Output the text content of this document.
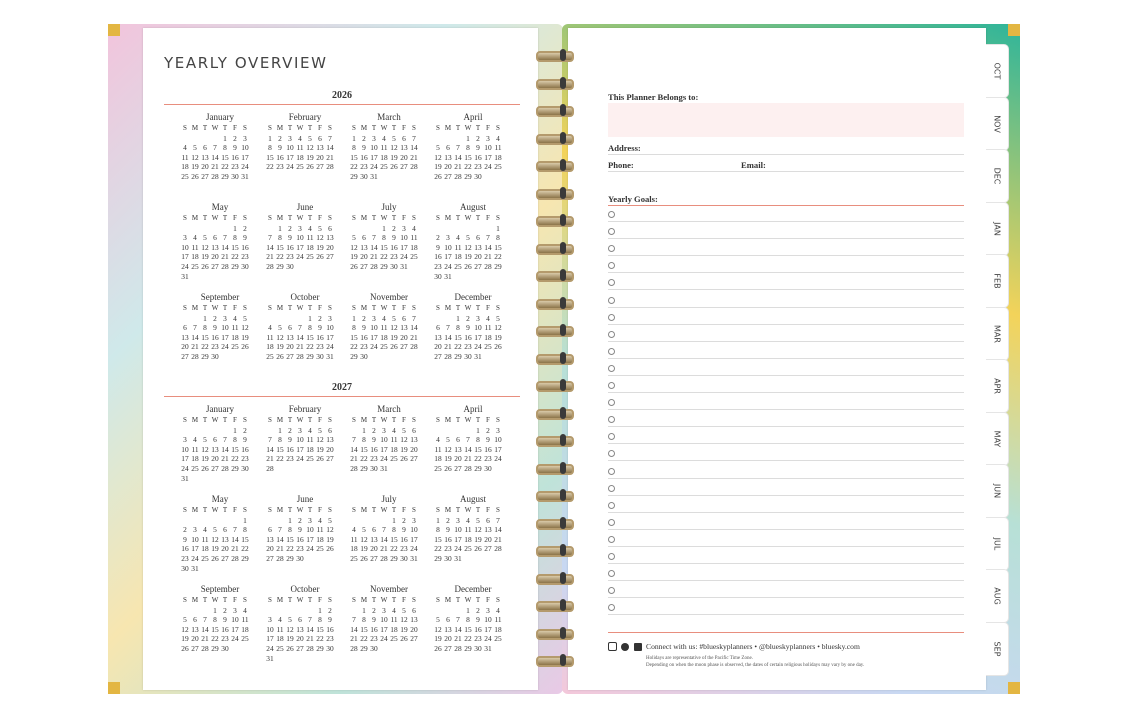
YEARLY OVERVIEW
2026
January
S M T W T F S
1 2 3
4 5 6 7 8 9 10
11 12 13 14 15 16 17
18 19 20 21 22 23 24
25 26 27 28 29 30 31
February
S M T W T F S
1 2 3 4 5 6 7
8 9 10 11 12 13 14
15 16 17 18 19 20 21
22 23 24 25 26 27 28
March
S M T W T F S
1 2 3 4 5 6 7
8 9 10 11 12 13 14
15 16 17 18 19 20 21
22 23 24 25 26 27 28
29 30 31
April
S M T W T F S
1 2 3 4
5 6 7 8 9 10 11
12 13 14 15 16 17 18
19 20 21 22 23 24 25
26 27 28 29 30
May
S M T W T F S
1 2
3 4 5 6 7 8 9
10 11 12 13 14 15 16
17 18 19 20 21 22 23
24 25 26 27 28 29 30
31
June
S M T W T F S
1 2 3 4 5 6
7 8 9 10 11 12 13
14 15 16 17 18 19 20
21 22 23 24 25 26 27
28 29 30
July
S M T W T F S
1 2 3 4
5 6 7 8 9 10 11
12 13 14 15 16 17 18
19 20 21 22 23 24 25
26 27 28 29 30 31
August
S M T W T F S
1
2 3 4 5 6 7 8
9 10 11 12 13 14 15
16 17 18 19 20 21 22
23 24 25 26 27 28 29
30 31
September
S M T W T F S
1 2 3 4 5
6 7 8 9 10 11 12
13 14 15 16 17 18 19
20 21 22 23 24 25 26
27 28 29 30
October
S M T W T F S
1 2 3
4 5 6 7 8 9 10
11 12 13 14 15 16 17
18 19 20 21 22 23 24
25 26 27 28 29 30 31
November
S M T W T F S
1 2 3 4 5 6 7
8 9 10 11 12 13 14
15 16 17 18 19 20 21
22 23 24 25 26 27 28
29 30
December
S M T W T F S
1 2 3 4 5
6 7 8 9 10 11 12
13 14 15 16 17 18 19
20 21 22 23 24 25 26
27 28 29 30 31
2027
January
S M T W T F S
1 2
3 4 5 6 7 8 9
10 11 12 13 14 15 16
17 18 19 20 21 22 23
24 25 26 27 28 29 30
31
February
S M T W T F S
1 2 3 4 5 6
7 8 9 10 11 12 13
14 15 16 17 18 19 20
21 22 23 24 25 26 27
28
March
S M T W T F S
1 2 3 4 5 6
7 8 9 10 11 12 13
14 15 16 17 18 19 20
21 22 23 24 25 26 27
28 29 30 31
April
S M T W T F S
1 2 3
4 5 6 7 8 9 10
11 12 13 14 15 16 17
18 19 20 21 22 23 24
25 26 27 28 29 30
May
S M T W T F S
1
2 3 4 5 6 7 8
9 10 11 12 13 14 15
16 17 18 19 20 21 22
23 24 25 26 27 28 29
30 31
June
S M T W T F S
1 2 3 4 5
6 7 8 9 10 11 12
13 14 15 16 17 18 19
20 21 22 23 24 25 26
27 28 29 30
July
S M T W T F S
1 2 3
4 5 6 7 8 9 10
11 12 13 14 15 16 17
18 19 20 21 22 23 24
25 26 27 28 29 30 31
August
S M T W T F S
1 2 3 4 5 6 7
8 9 10 11 12 13 14
15 16 17 18 19 20 21
22 23 24 25 26 27 28
29 30 31
September
S M T W T F S
1 2 3 4
5 6 7 8 9 10 11
12 13 14 15 16 17 18
19 20 21 22 23 24 25
26 27 28 29 30
October
S M T W T F S
1 2
3 4 5 6 7 8 9
10 11 12 13 14 15 16
17 18 19 20 21 22 23
24 25 26 27 28 29 30
31
November
S M T W T F S
1 2 3 4 5 6
7 8 9 10 11 12 13
14 15 16 17 18 19 20
21 22 23 24 25 26 27
28 29 30
December
S M T W T F S
1 2 3 4
5 6 7 8 9 10 11
12 13 14 15 16 17 18
19 20 21 22 23 24 25
26 27 28 29 30 31
This Planner Belongs to:
Address:
Phone:	Email:
Yearly Goals:

Connect with us: #blueskyplanners • @blueskyplanners • bluesky.com
Holidays are representative of the Pacific Time Zone.
Depending on when the moon phase is observed, the dates of certain religious holidays may vary by one day.
OCT
NOV
DEC
JAN
FEB
MAR
APR
MAY
JUN
JUL
AUG
SEP
